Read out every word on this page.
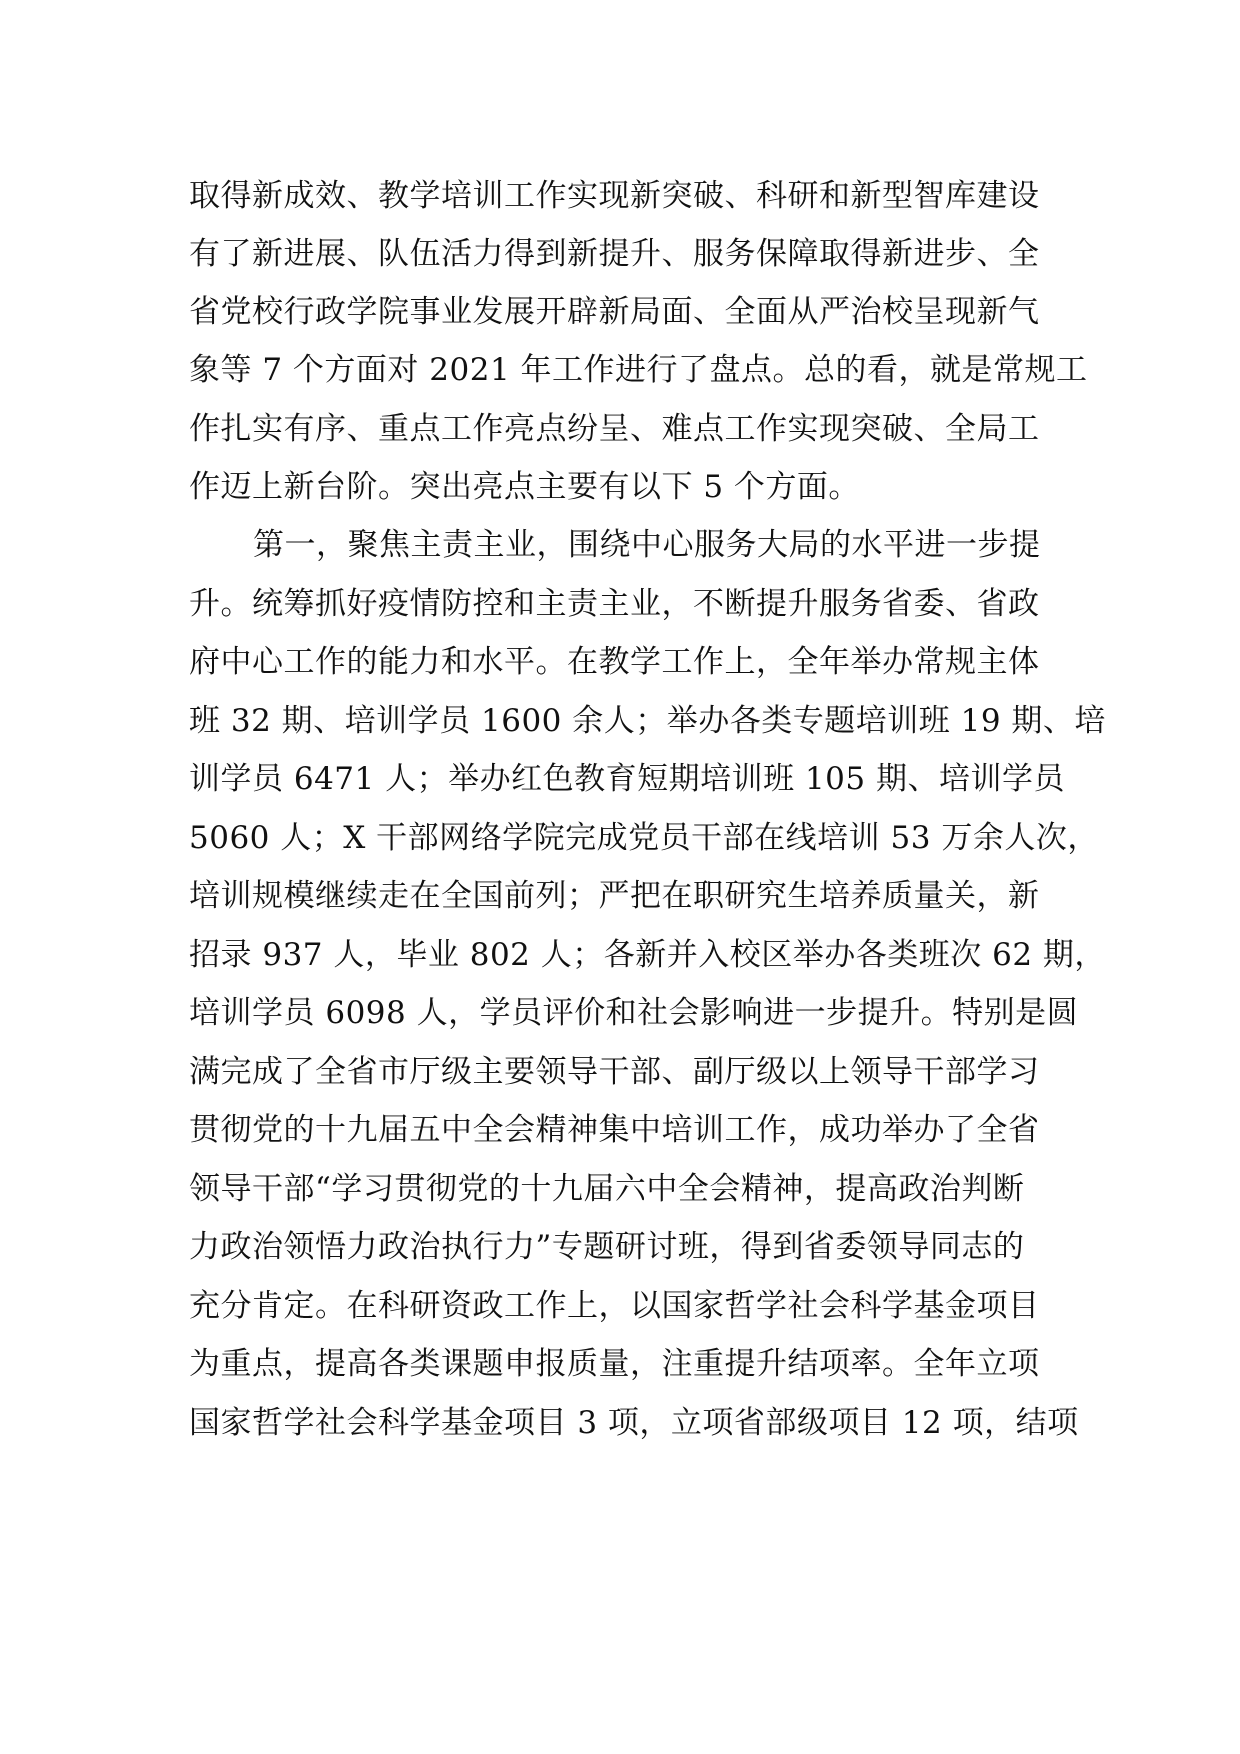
取得新成效、教学培训工作实现新突破、科研和新型智库建设
有了新进展、队伍活力得到新提升、服务保障取得新进步、全
省党校行政学院事业发展开辟新局面、全面从严治校呈现新气
象等 7 个方面对 2021 年工作进行了盘点。总的看，就是常规工
作扎实有序、重点工作亮点纷呈、难点工作实现突破、全局工
作迈上新台阶。突出亮点主要有以下 5 个方面。
第一，聚焦主责主业，围绕中心服务大局的水平进一步提
升。统筹抓好疫情防控和主责主业，不断提升服务省委、省政
府中心工作的能力和水平。在教学工作上，全年举办常规主体
班 32 期、培训学员 1600 余人；举办各类专题培训班 19 期、培
训学员 6471 人；举办红色教育短期培训班 105 期、培训学员
5060 人；X 干部网络学院完成党员干部在线培训 53 万余人次，
培训规模继续走在全国前列；严把在职研究生培养质量关，新
招录 937 人，毕业 802 人；各新并入校区举办各类班次 62 期，
培训学员 6098 人，学员评价和社会影响进一步提升。特别是圆
满完成了全省市厅级主要领导干部、副厅级以上领导干部学习
贯彻党的十九届五中全会精神集中培训工作，成功举办了全省
领导干部“学习贯彻党的十九届六中全会精神，提高政治判断
力政治领悟力政治执行力”专题研讨班，得到省委领导同志的
充分肯定。在科研资政工作上，以国家哲学社会科学基金项目
为重点，提高各类课题申报质量，注重提升结项率。全年立项
国家哲学社会科学基金项目 3 项，立项省部级项目 12 项，结项
